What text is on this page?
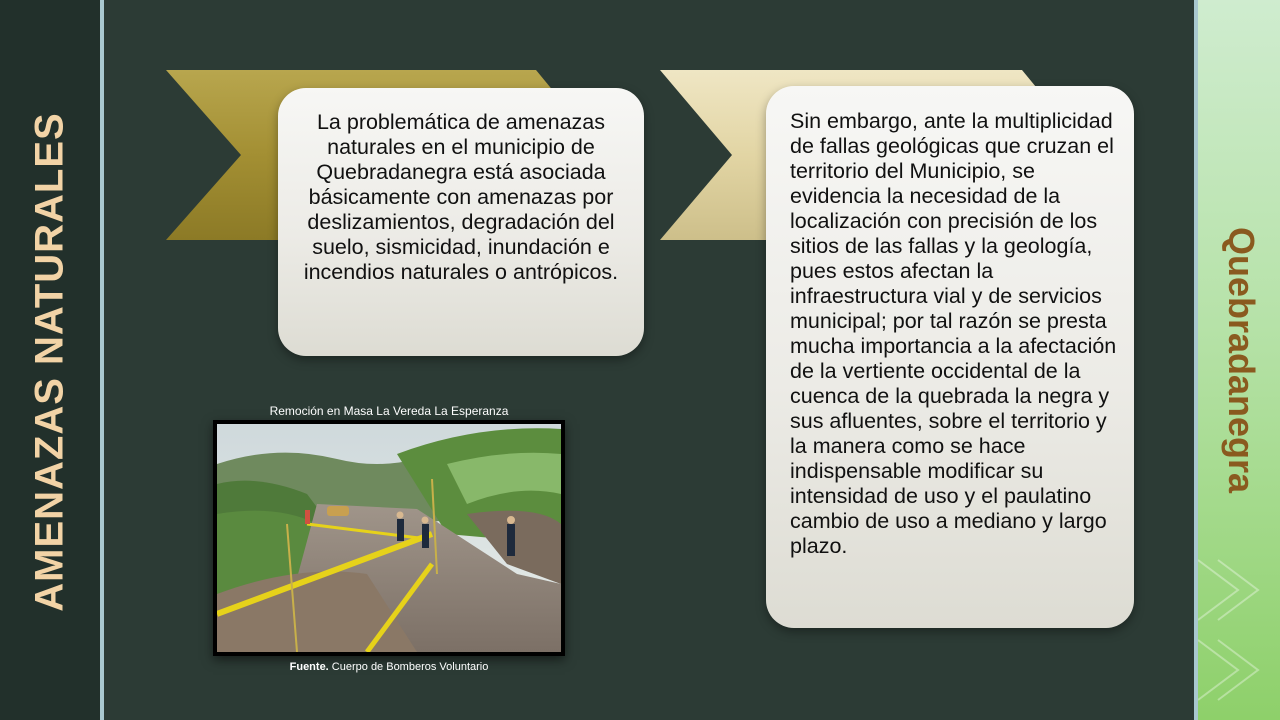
AMENAZAS NATURALES	Quebradanegra
La problemática de amenazas naturales en el municipio de Quebradanegra está asociada básicamente con amenazas por deslizamientos, degradación del suelo, sismicidad, inundación e incendios naturales o antrópicos.
Sin embargo, ante la multiplicidad de fallas geológicas que cruzan el territorio del Municipio, se evidencia la necesidad de la localización con precisión de los sitios de las fallas y la geología, pues estos afectan la infraestructura vial y de servicios municipal; por tal razón se presta mucha importancia a la afectación de la vertiente occidental de la cuenca de la quebrada la negra y sus afluentes, sobre el territorio y la manera como se hace indispensable modificar su intensidad de uso y el paulatino cambio de uso a mediano y largo plazo.
Remoción en Masa La Vereda La Esperanza
Fuente. Cuerpo de Bomberos Voluntario
